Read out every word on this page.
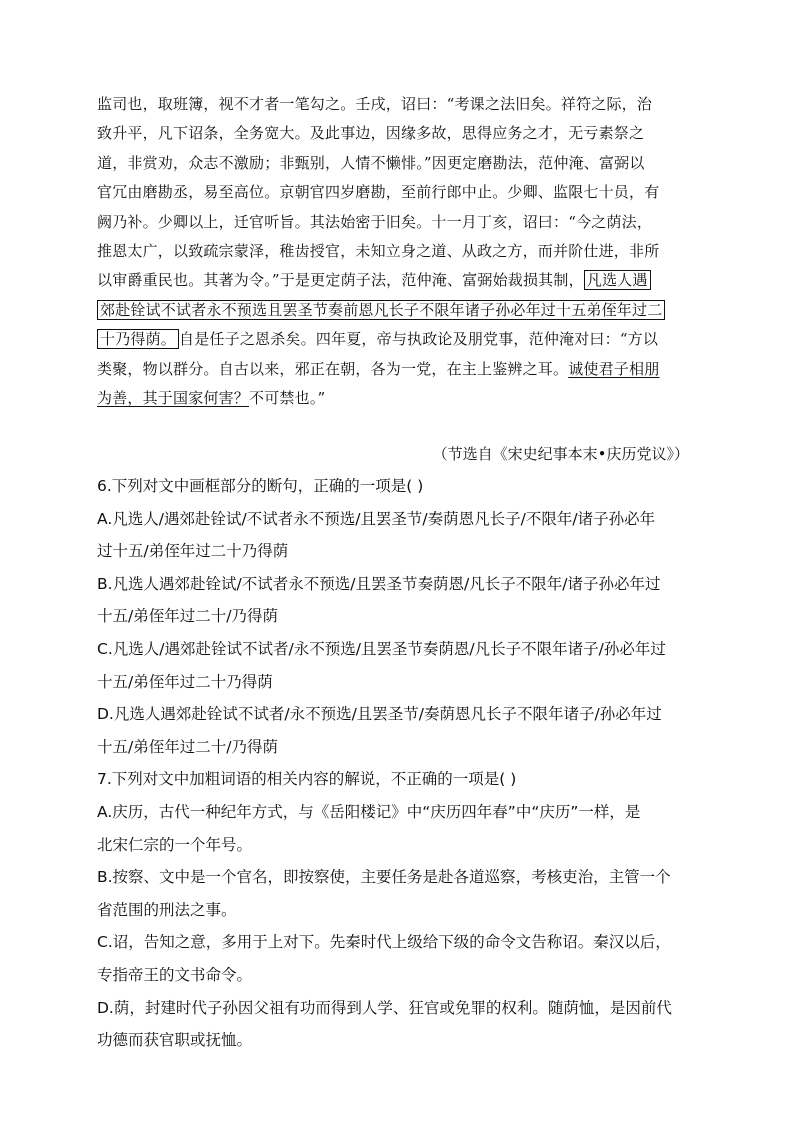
监司也，取班簿，视不才者一笔勾之。壬戌，诏曰：“考课之法旧矣。祥符之际，治
致升平，凡下诏条，全务宽大。及此事边，因缘多故，思得应务之才，无亏素祭之
道，非赏劝，众志不激励；非甄别，人情不懒悱。”因更定磨勘法，范仲淹、富弼以
官冗由磨勘丞，易至高位。京朝官四岁磨勘，至前行郎中止。少卿、监限七十员，有
阙乃补。少卿以上，迁官听旨。其法始密于旧矣。十一月丁亥，诏曰：“今之荫法，
推恩太广，以致疏宗蒙泽，稚齿授官，未知立身之道、从政之方，而并阶仕进，非所
以审爵重民也。其著为令。”于是更定荫子法，范仲淹、富弼始裁损其制， 凡选人遇
郊赴铨试不试者永不预选且罢圣节奏前恩凡长子不限年诸子孙必年过十五弟侄年过二
十乃得荫。 自是任子之恩杀矣。四年夏，帝与执政论及朋党事，范仲淹对曰：“方以
类聚，物以群分。自古以来，邪正在朝，各为一党，在主上鉴辨之耳。诚使君子相朋
为善，其于国家何害？不可禁也。”
（节选自《宋史纪事本末•庆历党议》）
6.下列对文中画框部分的断句，正确的一项是( )
A.凡选人/遇郊赴铨试/不试者永不预选/且罢圣节/奏荫恩凡长子/不限年/诸子孙必年
过十五/弟侄年过二十乃得荫
B.凡选人遇郊赴铨试/不试者永不预选/且罢圣节奏荫恩/凡长子不限年/诸子孙必年过
十五/弟侄年过二十/乃得荫
C.凡选人/遇郊赴铨试不试者/永不预选/且罢圣节奏荫恩/凡长子不限年诸子/孙必年过
十五/弟侄年过二十乃得荫
D.凡选人遇郊赴铨试不试者/永不预选/且罢圣节/奏荫恩凡长子不限年诸子/孙必年过
十五/弟侄年过二十/乃得荫
7.下列对文中加粗词语的相关内容的解说，不正确的一项是( )
A.庆历，古代一种纪年方式，与《岳阳楼记》中“庆历四年春”中“庆历”一样，是
北宋仁宗的一个年号。
B.按察、文中是一个官名，即按察使，主要任务是赴各道巡察，考核吏治，主管一个
省范围的刑法之事。
C.诏，告知之意，多用于上对下。先秦时代上级给下级的命令文告称诏。秦汉以后，
专指帝王的文书命令。
D.荫，封建时代子孙因父祖有功而得到人学、狂官或免罪的权利。随荫恤，是因前代
功德而获官职或抚恤。
